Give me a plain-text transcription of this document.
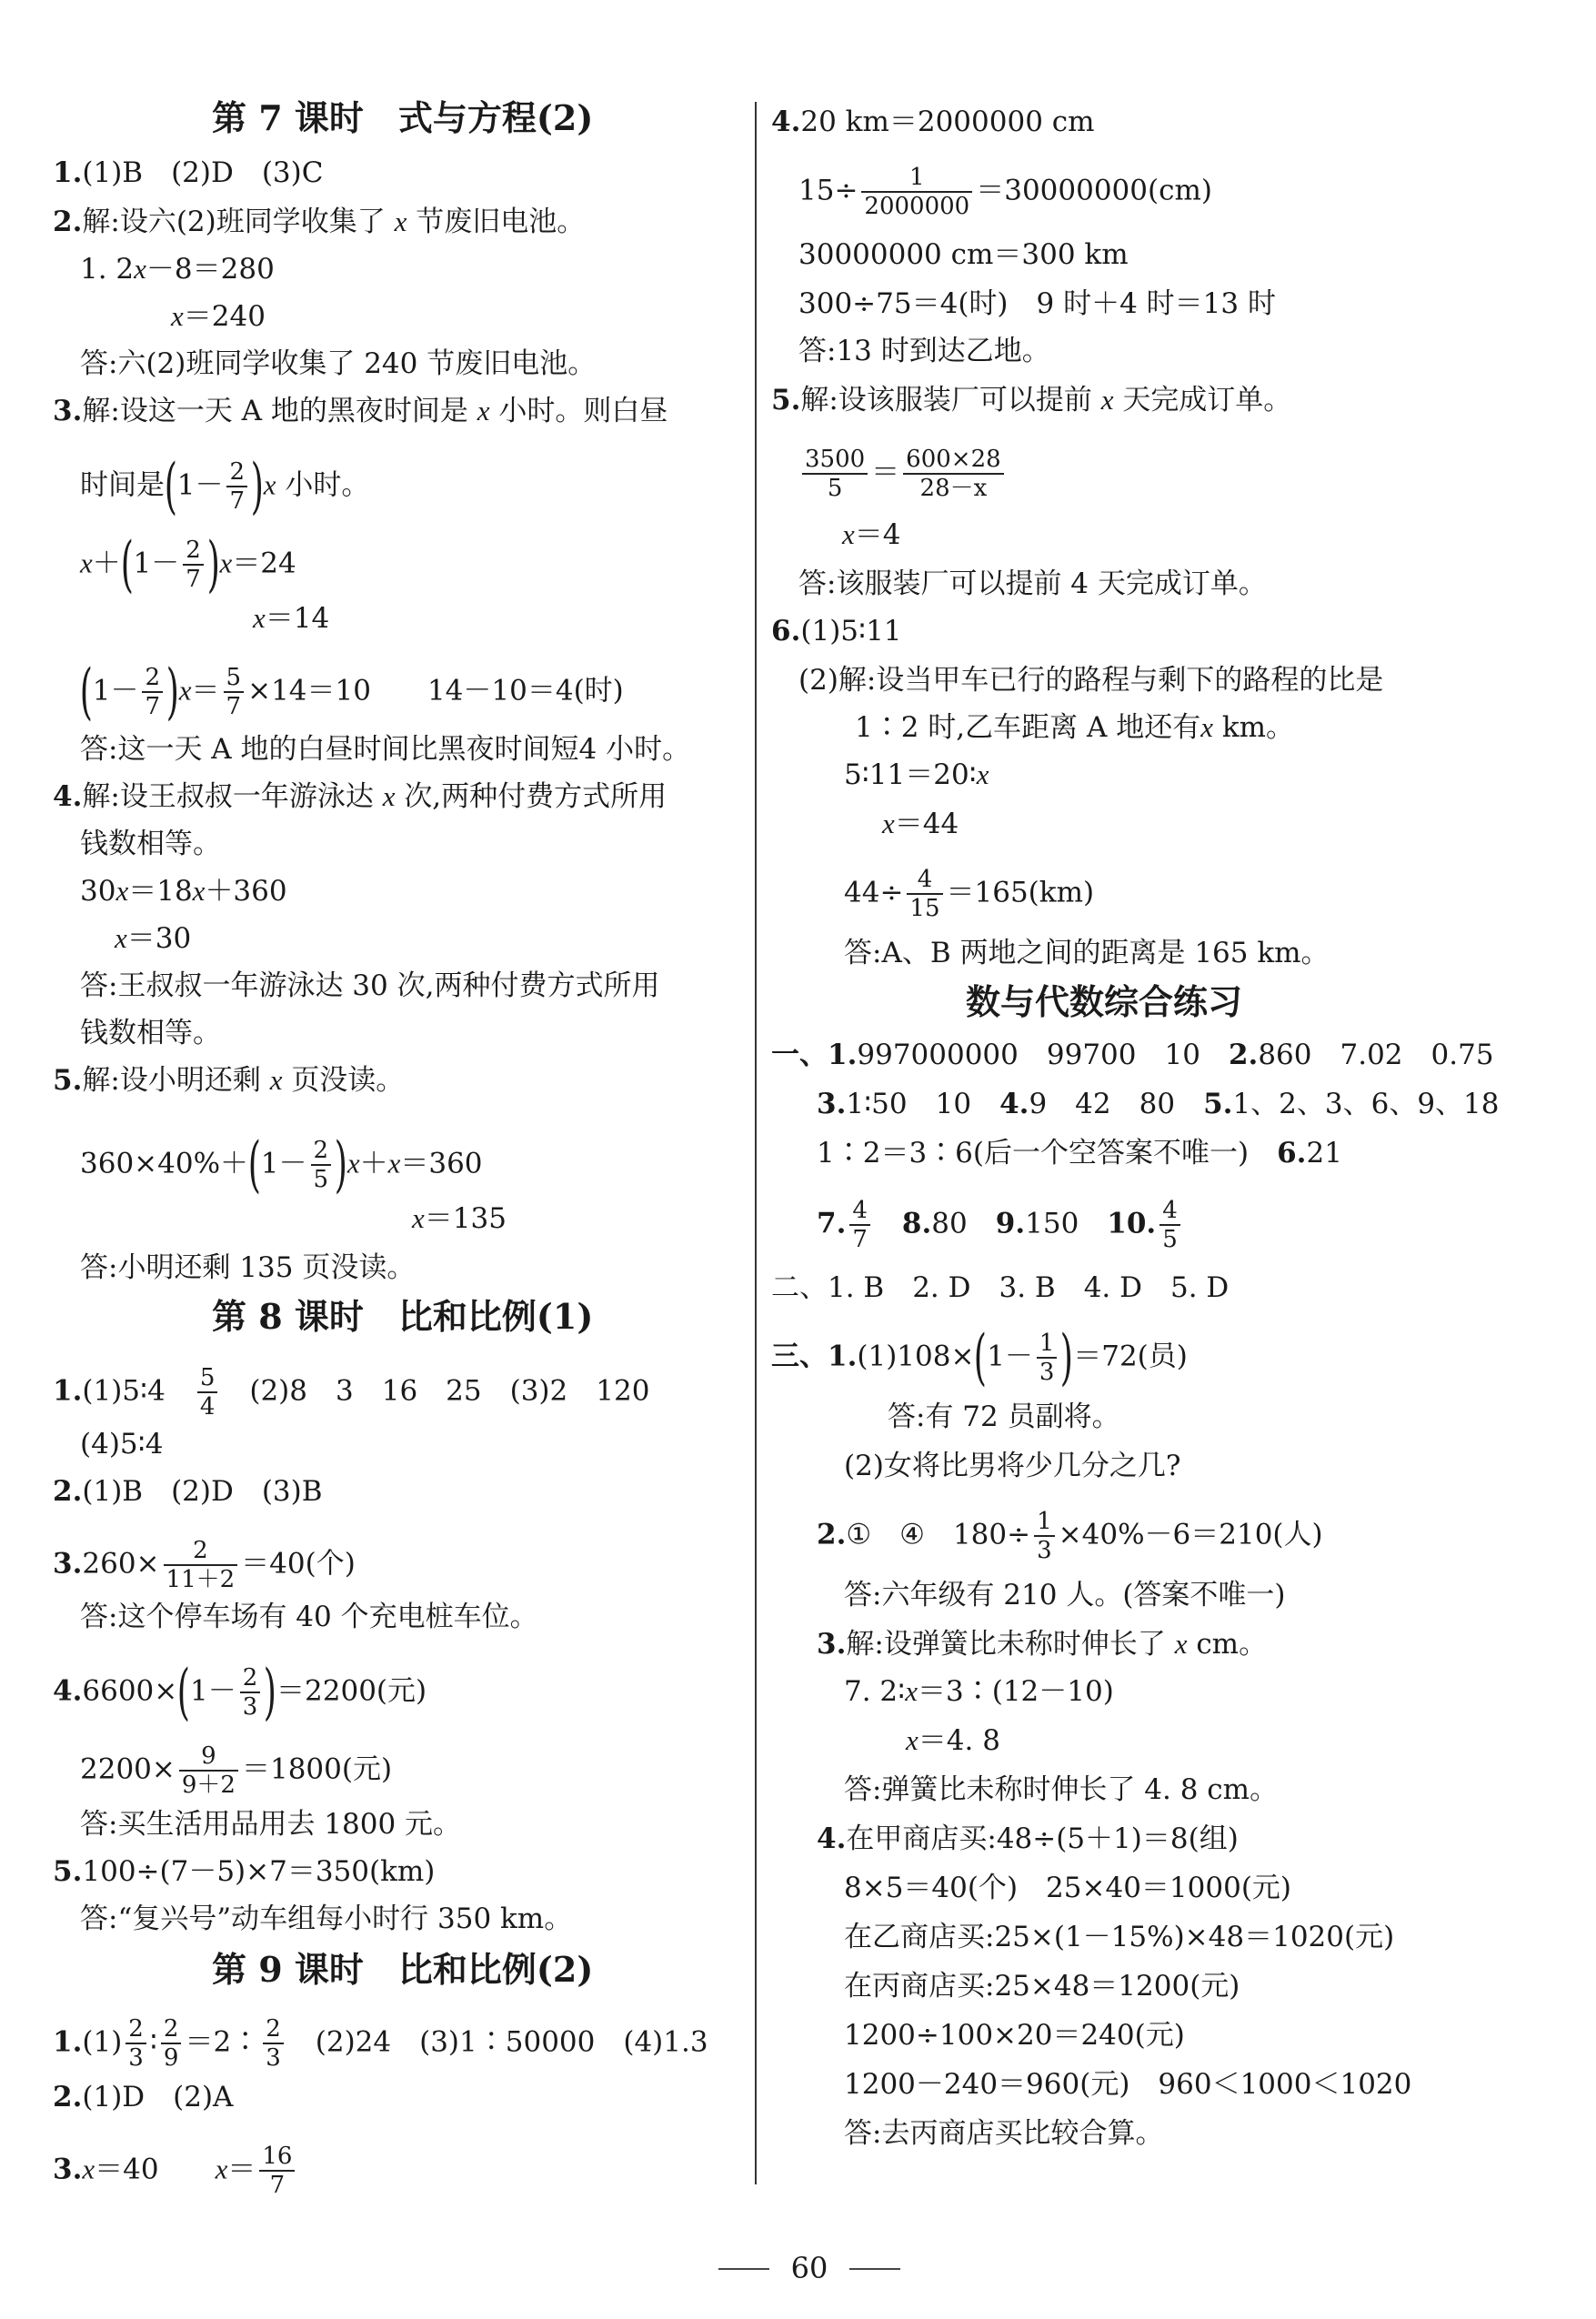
第 7 课时　式与方程(2)
1.(1)B　(2)D　(3)C
2.解:设六(2)班同学收集了 x 节废旧电池。
1. 2x－8＝280
x＝240
答:六(2)班同学收集了 240 节废旧电池。
3.解:设这一天 A 地的黑夜时间是 x 小时。则白昼
时间是$(1- \frac{2}{7} )x$ 小时。
$x+(1- \frac{2}{7} )x=24$
x＝14
$(1- \frac{2}{7} )x= \frac{5}{7} \times 14=10$　　14－10＝4(时)
答:这一天 A 地的白昼时间比黑夜时间短4 小时。
4.解:设王叔叔一年游泳达 x 次,两种付费方式所用
钱数相等。
30x＝18x＋360
x＝30
答:王叔叔一年游泳达 30 次,两种付费方式所用
钱数相等。
5.解:设小明还剩 x 页没读。
$360\times 40\%+(1- \frac{2}{5} )x+x=360$
x＝135
答:小明还剩 135 页没读。
第 8 课时　比和比例(1)
1.(1)5∶4　 $\frac{5}{4}$
　 (2)8　3　16　25　(3)2　120
(4)5∶4
2.(1)B　(2)D　(3)B
$3.260\times \frac{2}{11+2} =40$(个)
答:这个停车场有 40 个充电桩车位。
$4.6600\times(1- \frac{2}{3} )=2200$(元)
$2200\times \frac{9}{9+2} =1800$(元)
答:买生活用品用去 1800 元。
5.100÷(7－5)×7＝350(km)
答:“复兴号”动车组每小时行 350 km。
第 9 课时　比和比例(2)
$1.(1) \frac{2}{3}$ ∶ $\frac{2}{9}$ ＝2∶ $\frac{2}{3}$
　 (2)24　(3)1∶50000　(4)1.3
2.(1)D　(2)A
3.x＝40　　 $x= \frac{16}{7}$
4.20 km＝2000000 cm
$15\div \frac{1}{2000000} =30000000(cm)$
30000000 cm＝300 km
300÷75＝4(时)　9 时＋4 时＝13 时
答:13 时到达乙地。
5.解:设该服装厂可以提前 x 天完成订单。
$\frac{3500}{5} = \frac{600\times 28}{28-x}$
x＝4
答:该服装厂可以提前 4 天完成订单。
6.(1)5∶11
(2)解:设当甲车已行的路程与剩下的路程的比是
1∶2 时,乙车距离 A 地还有x km。
5∶11＝20∶x
x＝44
$44\div \frac{4}{15} =165(km)$
答:A、B 两地之间的距离是 165 km。
数与代数综合练习
一、1.997000000　99700　10　 2.860　7.02　0.75
3.1∶50　10　 4.9　42　80　 5.1、2、3、6、9、18
1∶2＝3∶6(后一个空答案不唯一)　 6.21
7. $\frac{4}{7}$
　 8.80　 9.150　 10. $\frac{4}{5}$
二、1. B　2. D　3. B　4. D　5. D
三、$1.(1)108\times(1- \frac{1}{3} )=72$(员)
答:有 72 员副将。
(2)女将比男将少几分之几?
2.①　④　$180\div \frac{1}{3} \times 40\%-6=210$(人)
答:六年级有 210 人。(答案不唯一)
3.解:设弹簧比未称时伸长了 x cm。
7. 2∶x＝3∶(12－10)
x＝4. 8
答:弹簧比未称时伸长了 4. 8 cm。
4.在甲商店买:48÷(5＋1)＝8(组)
8×5＝40(个)　25×40＝1000(元)
在乙商店买:25×(1－15%)×48＝1020(元)
在丙商店买:25×48＝1200(元)
1200÷100×20＝240(元)
1200－240＝960(元)　960＜1000＜1020
答:去丙商店买比较合算。
60
